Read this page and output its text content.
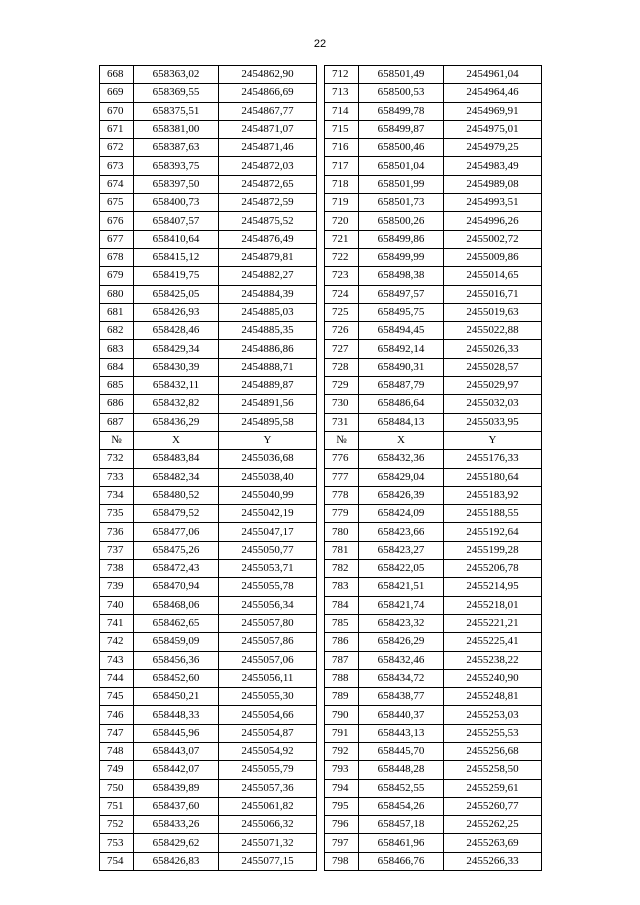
22
668	658363,02	2454862,90		712	658501,49	2454961,04
669	658369,55	2454866,69		713	658500,53	2454964,46
670	658375,51	2454867,77		714	658499,78	2454969,91
671	658381,00	2454871,07		715	658499,87	2454975,01
672	658387,63	2454871,46		716	658500,46	2454979,25
673	658393,75	2454872,03		717	658501,04	2454983,49
674	658397,50	2454872,65		718	658501,99	2454989,08
675	658400,73	2454872,59		719	658501,73	2454993,51
676	658407,57	2454875,52		720	658500,26	2454996,26
677	658410,64	2454876,49		721	658499,86	2455002,72
678	658415,12	2454879,81		722	658499,99	2455009,86
679	658419,75	2454882,27		723	658498,38	2455014,65
680	658425,05	2454884,39		724	658497,57	2455016,71
681	658426,93	2454885,03		725	658495,75	2455019,63
682	658428,46	2454885,35		726	658494,45	2455022,88
683	658429,34	2454886,86		727	658492,14	2455026,33
684	658430,39	2454888,71		728	658490,31	2455028,57
685	658432,11	2454889,87		729	658487,79	2455029,97
686	658432,82	2454891,56		730	658486,64	2455032,03
687	658436,29	2454895,58		731	658484,13	2455033,95
№	X	Y		№	X	Y
732	658483,84	2455036,68		776	658432,36	2455176,33
733	658482,34	2455038,40		777	658429,04	2455180,64
734	658480,52	2455040,99		778	658426,39	2455183,92
735	658479,52	2455042,19		779	658424,09	2455188,55
736	658477,06	2455047,17		780	658423,66	2455192,64
737	658475,26	2455050,77		781	658423,27	2455199,28
738	658472,43	2455053,71		782	658422,05	2455206,78
739	658470,94	2455055,78		783	658421,51	2455214,95
740	658468,06	2455056,34		784	658421,74	2455218,01
741	658462,65	2455057,80		785	658423,32	2455221,21
742	658459,09	2455057,86		786	658426,29	2455225,41
743	658456,36	2455057,06		787	658432,46	2455238,22
744	658452,60	2455056,11		788	658434,72	2455240,90
745	658450,21	2455055,30		789	658438,77	2455248,81
746	658448,33	2455054,66		790	658440,37	2455253,03
747	658445,96	2455054,87		791	658443,13	2455255,53
748	658443,07	2455054,92		792	658445,70	2455256,68
749	658442,07	2455055,79		793	658448,28	2455258,50
750	658439,89	2455057,36		794	658452,55	2455259,61
751	658437,60	2455061,82		795	658454,26	2455260,77
752	658433,26	2455066,32		796	658457,18	2455262,25
753	658429,62	2455071,32		797	658461,96	2455263,69
754	658426,83	2455077,15		798	658466,76	2455266,33
